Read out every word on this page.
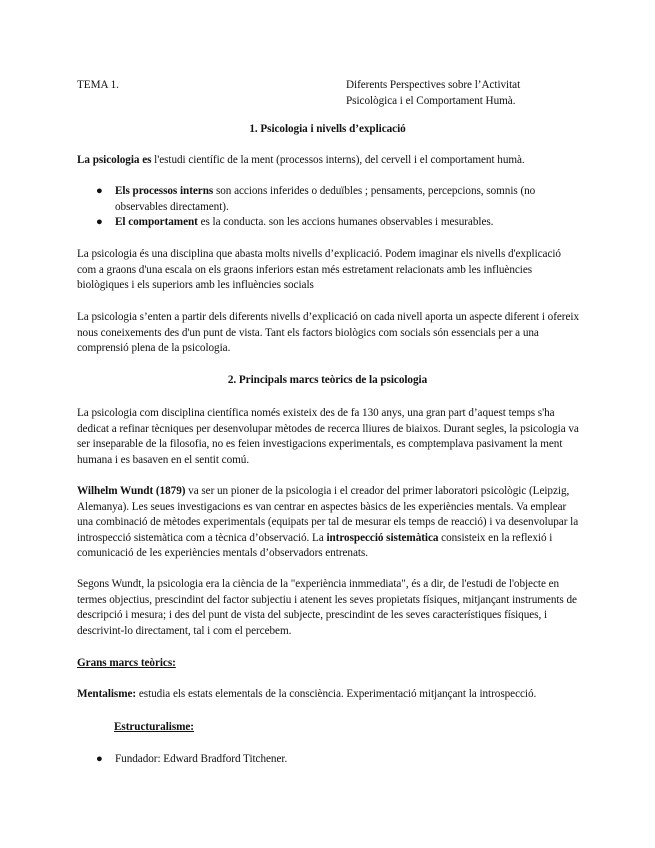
TEMA 1.	Diferents Perspectives sobre l’Activitat
Psicològica i el Comportament Humà.
1. Psicologia i nivells d’explicació
La psicologia es l'estudi científic de la ment (processos interns), del cervell i el comportament humà.
●	Els processos interns son accions inferides o deduïbles ; pensaments, percepcions, somnis (no observables directament).
●	El comportament es la conducta. son les accions humanes observables i mesurables.
La psicologia és una disciplina que abasta molts nivells d’explicació. Podem imaginar els nivells d'explicació com a graons d'una escala on els graons inferiors estan més estretament relacionats amb les influències biològiques i els superiors amb les influències socials
La psicologia s’enten a partir dels diferents nivells d’explicació on cada nivell aporta un aspecte diferent i ofereix nous coneixements des d'un punt de vista. Tant els factors biològics com socials són essencials per a una comprensió plena de la psicologia.
2. Principals marcs teòrics de la psicologia
La psicologia com disciplina científica només existeix des de fa 130 anys, una gran part d’aquest temps s'ha dedicat a refinar tècniques per desenvolupar mètodes de recerca lliures de biaixos. Durant segles, la psicologia va ser inseparable de la filosofia, no es feien investigacions experimentals, es comptemplava pasivament la ment humana i es basaven en el sentit comú.
Wilhelm Wundt (1879) va ser un pioner de la psicologia i el creador del primer laboratori psicològic (Leipzig, Alemanya). Les seues investigacions es van centrar en aspectes bàsics de les experiències mentals. Va emplear una combinació de mètodes experimentals (equipats per tal de mesurar els temps de reacció) i va desenvolupar la introspecció sistemàtica com a tècnica d’observació. La introspecció sistemàtica consisteix en la reflexió i comunicació de les experiències mentals d’observadors entrenats.
Segons Wundt, la psicologia era la ciència de la "experiència inmmediata", és a dir, de l'estudi de l'objecte en termes objectius, prescindint del factor subjectiu i atenent les seves propietats físiques, mitjançant instruments de descripció i mesura; i des del punt de vista del subjecte, prescindint de les seves característiques físiques, i descrivint-lo directament, tal i com el percebem.
Grans marcs teòrics:
Mentalisme: estudia els estats elementals de la consciència. Experimentació mitjançant la introspecció.
Estructuralisme:
●	Fundador: Edward Bradford Titchener.
